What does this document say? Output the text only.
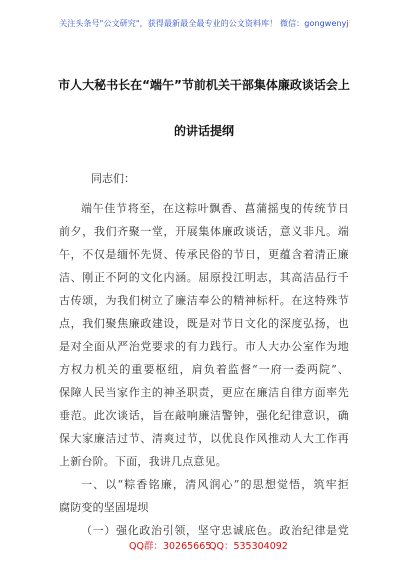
关注头条号"公文研究"，获得最新最全最专业的公文资料库！ 微信：gongwenyj
市人大秘书长在“端午”节前机关干部集体廉政谈话会上
的讲话提纲
同志们：
端午佳节将至，在这粽叶飘香、菖蒲摇曳的传统节日
前夕，我们齐聚一堂，开展集体廉政谈话，意义非凡。端
午，不仅是缅怀先贤、传承民俗的节日，更蕴含着清正廉
洁、刚正不阿的文化内涵。屈原投江明志，其高洁品行千
古传颂，为我们树立了廉洁奉公的精神标杆。在这特殊节
点，我们聚焦廉政建设，既是对节日文化的深度弘扬，也
是对全面从严治党要求的有力践行。市人大办公室作为地
方权力机关的重要枢纽，肩负着监督“一府一委两院”、
保障人民当家作主的神圣职责，更应在廉洁自律方面率先
垂范。此次谈话，旨在敲响廉洁警钟，强化纪律意识，确
保大家廉洁过节、清爽过节，以优良作风推动人大工作再
上新台阶。下面，我讲几点意见。
一、以“粽香铭廉，清风润心”的思想觉悟，筑牢拒
腐防变的坚固堤坝
（一）强化政治引领，坚守忠诚底色。政治纪律是党
QQ群：30265665
QQ：535304092
